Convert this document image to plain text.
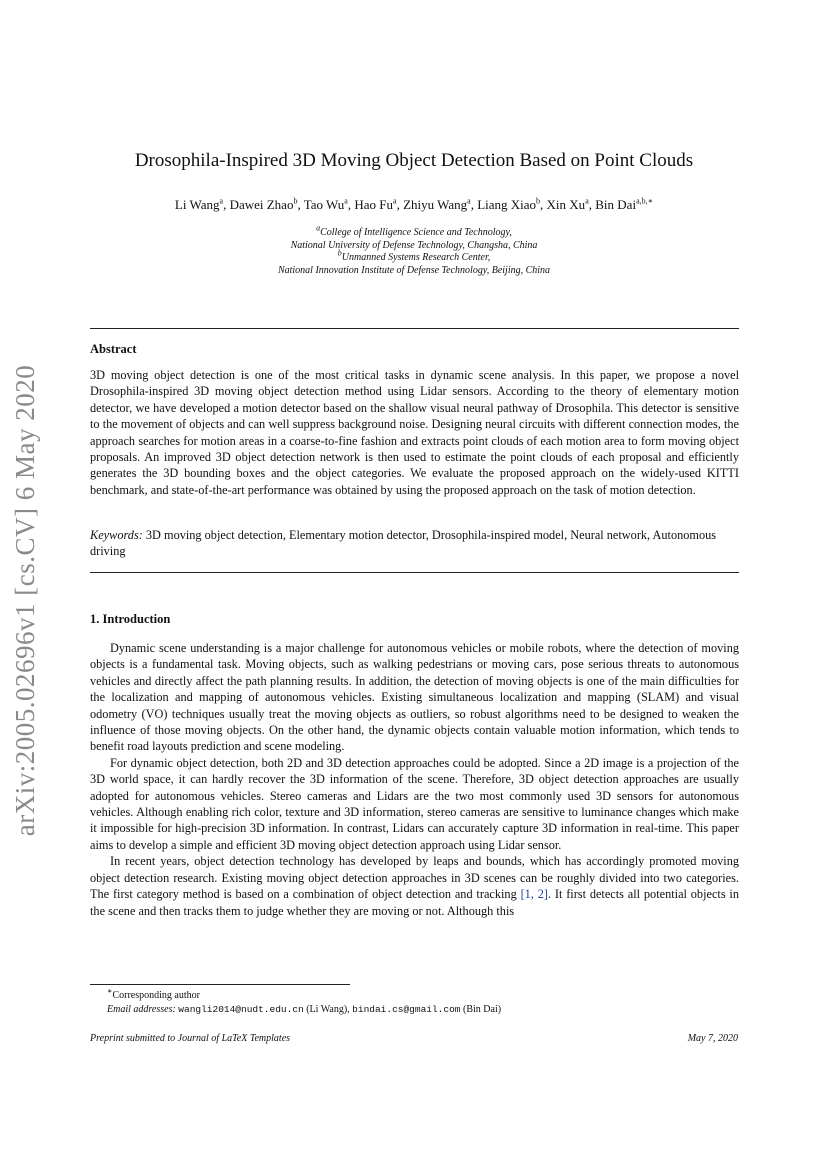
arXiv:2005.02696v1 [cs.CV] 6 May 2020
Drosophila-Inspired 3D Moving Object Detection Based on Point Clouds
Li Wang$^a$, Dawei Zhao$^b$, Tao Wu$^a$, Hao Fu$^a$, Zhiyu Wang$^a$, Liang Xiao$^b$, Xin Xu$^a$, Bin Dai$^{a,b,∗}$
$^a$College of Intelligence Science and Technology,
National University of Defense Technology, Changsha, China
$^b$Unmanned Systems Research Center,
National Innovation Institute of Defense Technology, Beijing, China
Abstract
3D moving object detection is one of the most critical tasks in dynamic scene analysis. In this paper, we propose a novel Drosophila-inspired 3D moving object detection method using Lidar sensors. According to the theory of elementary motion detector, we have developed a motion detector based on the shallow visual neural pathway of Drosophila. This detector is sensitive to the movement of objects and can well suppress background noise. Designing neural circuits with different connection modes, the approach searches for motion areas in a coarse-to-fine fashion and extracts point clouds of each motion area to form moving object proposals. An improved 3D object detection network is then used to estimate the point clouds of each proposal and efficiently generates the 3D bounding boxes and the object categories. We evaluate the proposed approach on the widely-used KITTI benchmark, and state-of-the-art performance was obtained by using the proposed approach on the task of motion detection.
Keywords: 3D moving object detection, Elementary motion detector, Drosophila-inspired model, Neural network, Autonomous driving
1. Introduction

Dynamic scene understanding is a major challenge for autonomous vehicles or mobile robots, where the detection of moving objects is a fundamental task. Moving objects, such as walking pedestrians or moving cars, pose serious threats to autonomous vehicles and directly affect the path planning results. In addition, the detection of moving objects is one of the main difficulties for the localization and mapping of autonomous vehicles. Existing simultaneous localization and mapping (SLAM) and visual odometry (VO) techniques usually treat the moving objects as outliers, so robust algorithms need to be designed to weaken the influence of those moving objects. On the other hand, the dynamic objects contain valuable motion information, which tends to benefit road layouts prediction and scene modeling.

For dynamic object detection, both 2D and 3D detection approaches could be adopted. Since a 2D image is a projection of the 3D world space, it can hardly recover the 3D information of the scene. Therefore, 3D object detection approaches are usually adopted for autonomous vehicles. Stereo cameras and Lidars are the two most commonly used 3D sensors for autonomous vehicles. Although enabling rich color, texture and 3D information, stereo cameras are sensitive to luminance changes which make it impossible for high-precision 3D information. In contrast, Lidars can accurately capture 3D information in real-time. This paper aims to develop a simple and efficient 3D moving object detection approach using Lidar sensor.

In recent years, object detection technology has developed by leaps and bounds, which has accordingly promoted moving object detection research. Existing moving object detection approaches in 3D scenes can be roughly divided into two categories. The first category method is based on a combination of object detection and tracking [1, 2]. It first detects all potential objects in the scene and then tracks them to judge whether they are moving or not. Although this

∗Corresponding author
Email addresses: wangli2014@nudt.edu.cn (Li Wang), bindai.cs@gmail.com (Bin Dai)
Preprint submitted to Journal of LaTeX Templates	May 7, 2020
